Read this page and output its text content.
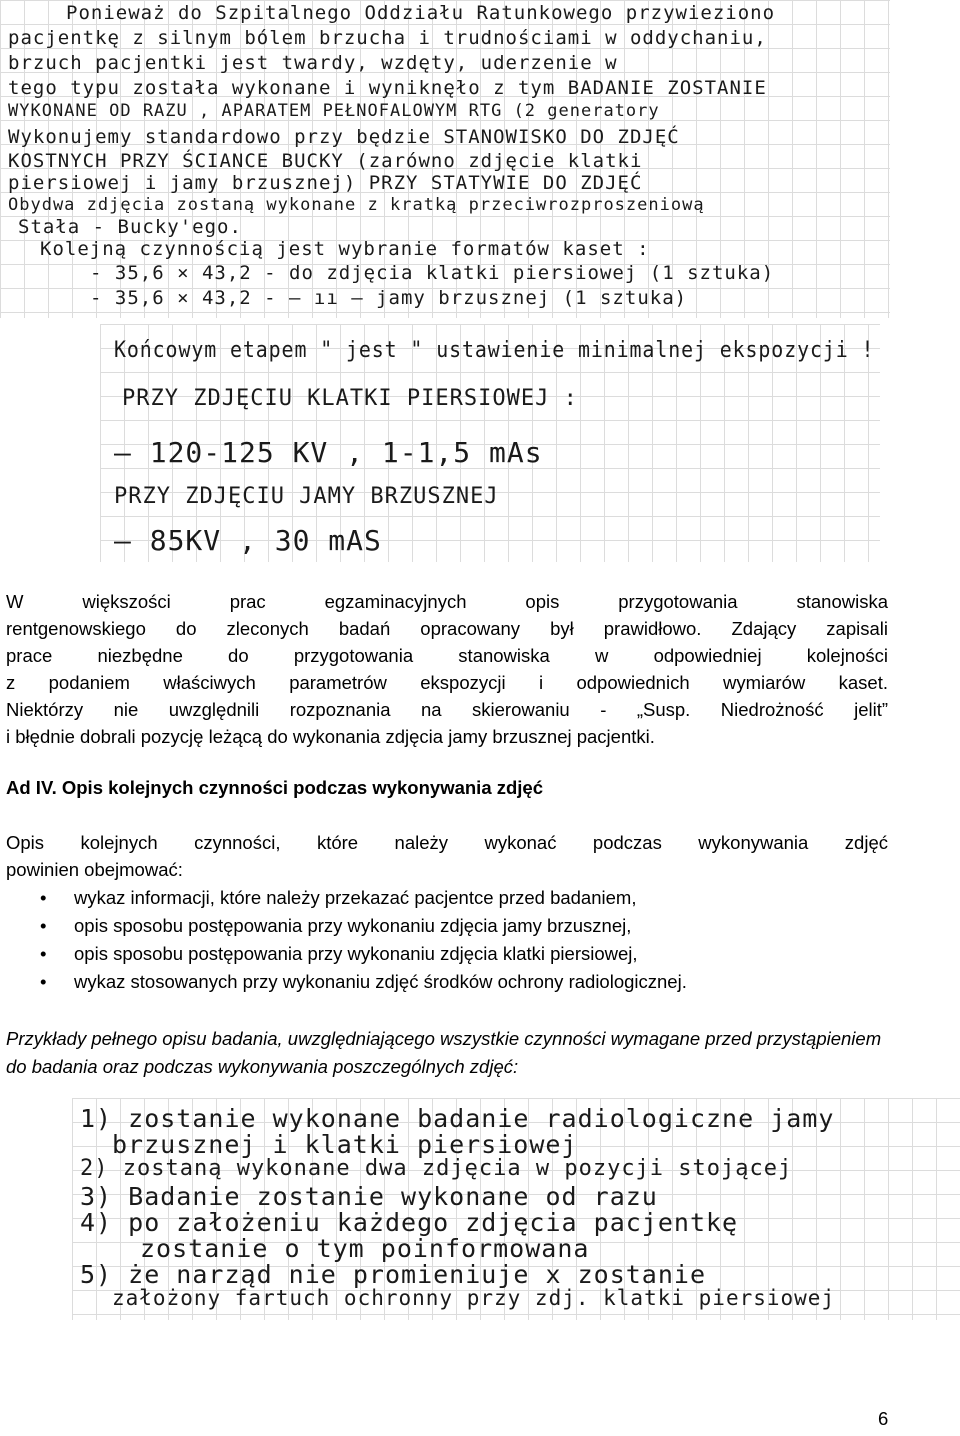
Ponieważ do Szpitalnego Oddziału Ratunkowego przywieziono
pacjentkę z silnym bólem brzucha i trudnościami w oddychaniu,
brzuch pacjentki jest twardy, wzdęty, uderzenie w
tego typu została wykonane i wyniknęło z tym BADANIE ZOSTANIE
WYKONANE OD RAZU , APARATEM PEŁNOFALOWYM RTG (2 generatory
Wykonujemy standardowo przy będzie STANOWISKO DO ZDJĘĆ
KOSTNYCH PRZY ŚCIANCE BUCKY (zarówno zdjęcie klatki
piersiowej i jamy brzusznej) PRZY STATYWIE DO ZDJĘĆ
Obydwa zdjęcia zostaną wykonane z kratką przeciwrozproszeniową
Stała - Bucky'ego.
Kolejną czynnością jest wybranie formatów kaset :
- 35,6 × 43,2 - do zdjęcia klatki piersiowej (1 sztuka)
- 35,6 × 43,2 - – ıı – jamy brzusznej (1 sztuka)
Końcowym etapem " jest " ustawienie minimalnej ekspozycji !
PRZY ZDJĘCIU KLATKI PIERSIOWEJ :
— 120-125 KV , 1-1,5 mAs
PRZY ZDJĘCIU JAMY BRZUSZNEJ
— 85KV , 30 mAS
W większości prac egzaminacyjnych opis przygotowania stanowiska
rentgenowskiego do zleconych badań opracowany był prawidłowo. Zdający zapisali
prace niezbędne do przygotowania stanowiska w odpowiedniej kolejności
z podaniem właściwych parametrów ekspozycji i odpowiednich wymiarów kaset.
Niektórzy nie uwzględnili rozpoznania na skierowaniu - „Susp. Niedrożność jelit”
i błędnie dobrali pozycję leżącą do wykonania zdjęcia jamy brzusznej pacjentki.
Ad IV. Opis kolejnych czynności podczas wykonywania zdjęć
Opis kolejnych czynności, które należy wykonać podczas wykonywania zdjęć
powinien obejmować:
• wykaz informacji, które należy przekazać pacjentce przed badaniem,
• opis sposobu postępowania przy wykonaniu zdjęcia jamy brzusznej,
• opis sposobu postępowania przy wykonaniu zdjęcia klatki piersiowej,
• wykaz stosowanych przy wykonaniu zdjęć środków ochrony radiologicznej.

Przykłady pełnego opisu badania, uwzględniającego wszystkie czynności wymagane przed przystąpieniem do badania oraz podczas wykonywania poszczególnych zdjęć:

1) zostanie wykonane badanie radiologiczne jamy
brzusznej i klatki piersiowej
2) zostaną wykonane dwa zdjęcia w pozycji stojącej
3) Badanie zostanie wykonane od razu
4) po założeniu każdego zdjęcia pacjentkę
zostanie o tym poinformowana
5) że narząd nie promieniuje x zostanie
założony fartuch ochronny przy zdj. klatki piersiowej
6
